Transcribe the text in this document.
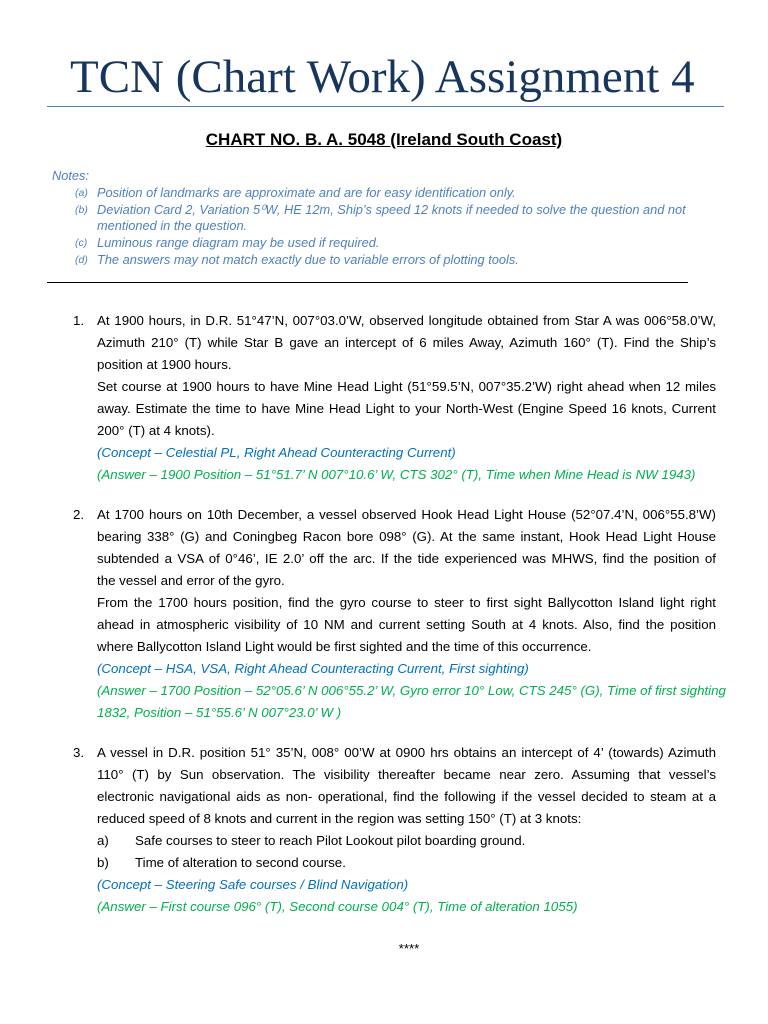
TCN (Chart Work) Assignment 4
CHART NO. B. A. 5048 (Ireland South Coast)
Notes:
(a) Position of landmarks are approximate and are for easy identification only.
(b) Deviation Card 2, Variation 5⁰W, HE 12m, Ship’s speed 12 knots if needed to solve the question and not
mentioned in the question.
(c) Luminous range diagram may be used if required.
(d) The answers may not match exactly due to variable errors of plotting tools.
1. At 1900 hours, in D.R. 51°47’N, 007°03.0’W, observed longitude obtained from Star A was 006°58.0’W,
Azimuth 210° (T) while Star B gave an intercept of 6 miles Away, Azimuth 160° (T). Find the Ship’s
position at 1900 hours.
Set course at 1900 hours to have Mine Head Light (51°59.5’N, 007°35.2’W) right ahead when 12 miles
away. Estimate the time to have Mine Head Light to your North-West (Engine Speed 16 knots, Current
200° (T) at 4 knots).
(Concept – Celestial PL, Right Ahead Counteracting Current)
(Answer – 1900 Position – 51°51.7’ N 007°10.6’ W, CTS 302° (T), Time when Mine Head is NW 1943)
2. At 1700 hours on 10th December, a vessel observed Hook Head Light House (52°07.4’N, 006°55.8’W)
bearing 338° (G) and Coningbeg Racon bore 098° (G). At the same instant, Hook Head Light House
subtended a VSA of 0°46’, IE 2.0’ off the arc. If the tide experienced was MHWS, find the position of
the vessel and error of the gyro.
From the 1700 hours position, find the gyro course to steer to first sight Ballycotton Island light right
ahead in atmospheric visibility of 10 NM and current setting South at 4 knots. Also, find the position
where Ballycotton Island Light would be first sighted and the time of this occurrence.
(Concept – HSA, VSA, Right Ahead Counteracting Current, First sighting)
(Answer – 1700 Position – 52°05.6’ N 006°55.2’ W, Gyro error 10° Low, CTS 245° (G), Time of first sighting
1832, Position – 51°55.6’ N 007°23.0’ W )
3. A vessel in D.R. position 51° 35’N, 008° 00’W at 0900 hrs obtains an intercept of 4’ (towards) Azimuth
110° (T) by Sun observation. The visibility thereafter became near zero. Assuming that vessel’s
electronic navigational aids as non- operational, find the following if the vessel decided to steam at a
reduced speed of 8 knots and current in the region was setting 150° (T) at 3 knots:
a) Safe courses to steer to reach Pilot Lookout pilot boarding ground.
b) Time of alteration to second course.
(Concept – Steering Safe courses / Blind Navigation)
(Answer – First course 096° (T), Second course 004° (T), Time of alteration 1055)
****
